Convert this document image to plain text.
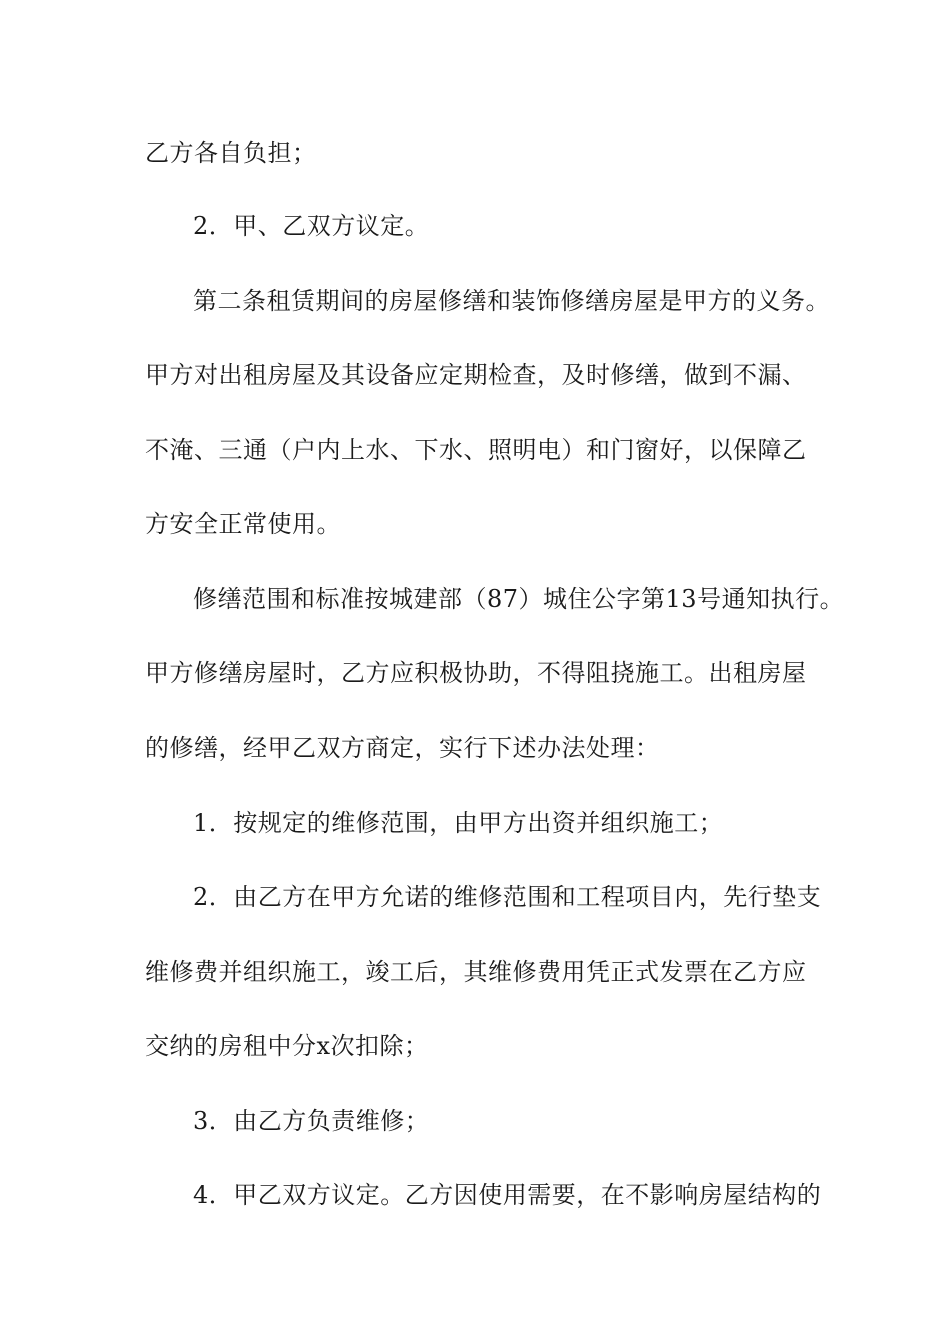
乙方各自负担；
2．甲、乙双方议定。
第二条租赁期间的房屋修缮和装饰修缮房屋是甲方的义务。
甲方对出租房屋及其设备应定期检查，及时修缮，做到不漏、
不淹、三通（户内上水、下水、照明电）和门窗好，以保障乙
方安全正常使用。
修缮范围和标准按城建部（87）城住公字第13号通知执行。
甲方修缮房屋时，乙方应积极协助，不得阻挠施工。出租房屋
的修缮，经甲乙双方商定，实行下述办法处理：
1．按规定的维修范围，由甲方出资并组织施工；
2．由乙方在甲方允诺的维修范围和工程项目内，先行垫支
维修费并组织施工，竣工后，其维修费用凭正式发票在乙方应
交纳的房租中分x次扣除；
3．由乙方负责维修；
4．甲乙双方议定。乙方因使用需要，在不影响房屋结构的
